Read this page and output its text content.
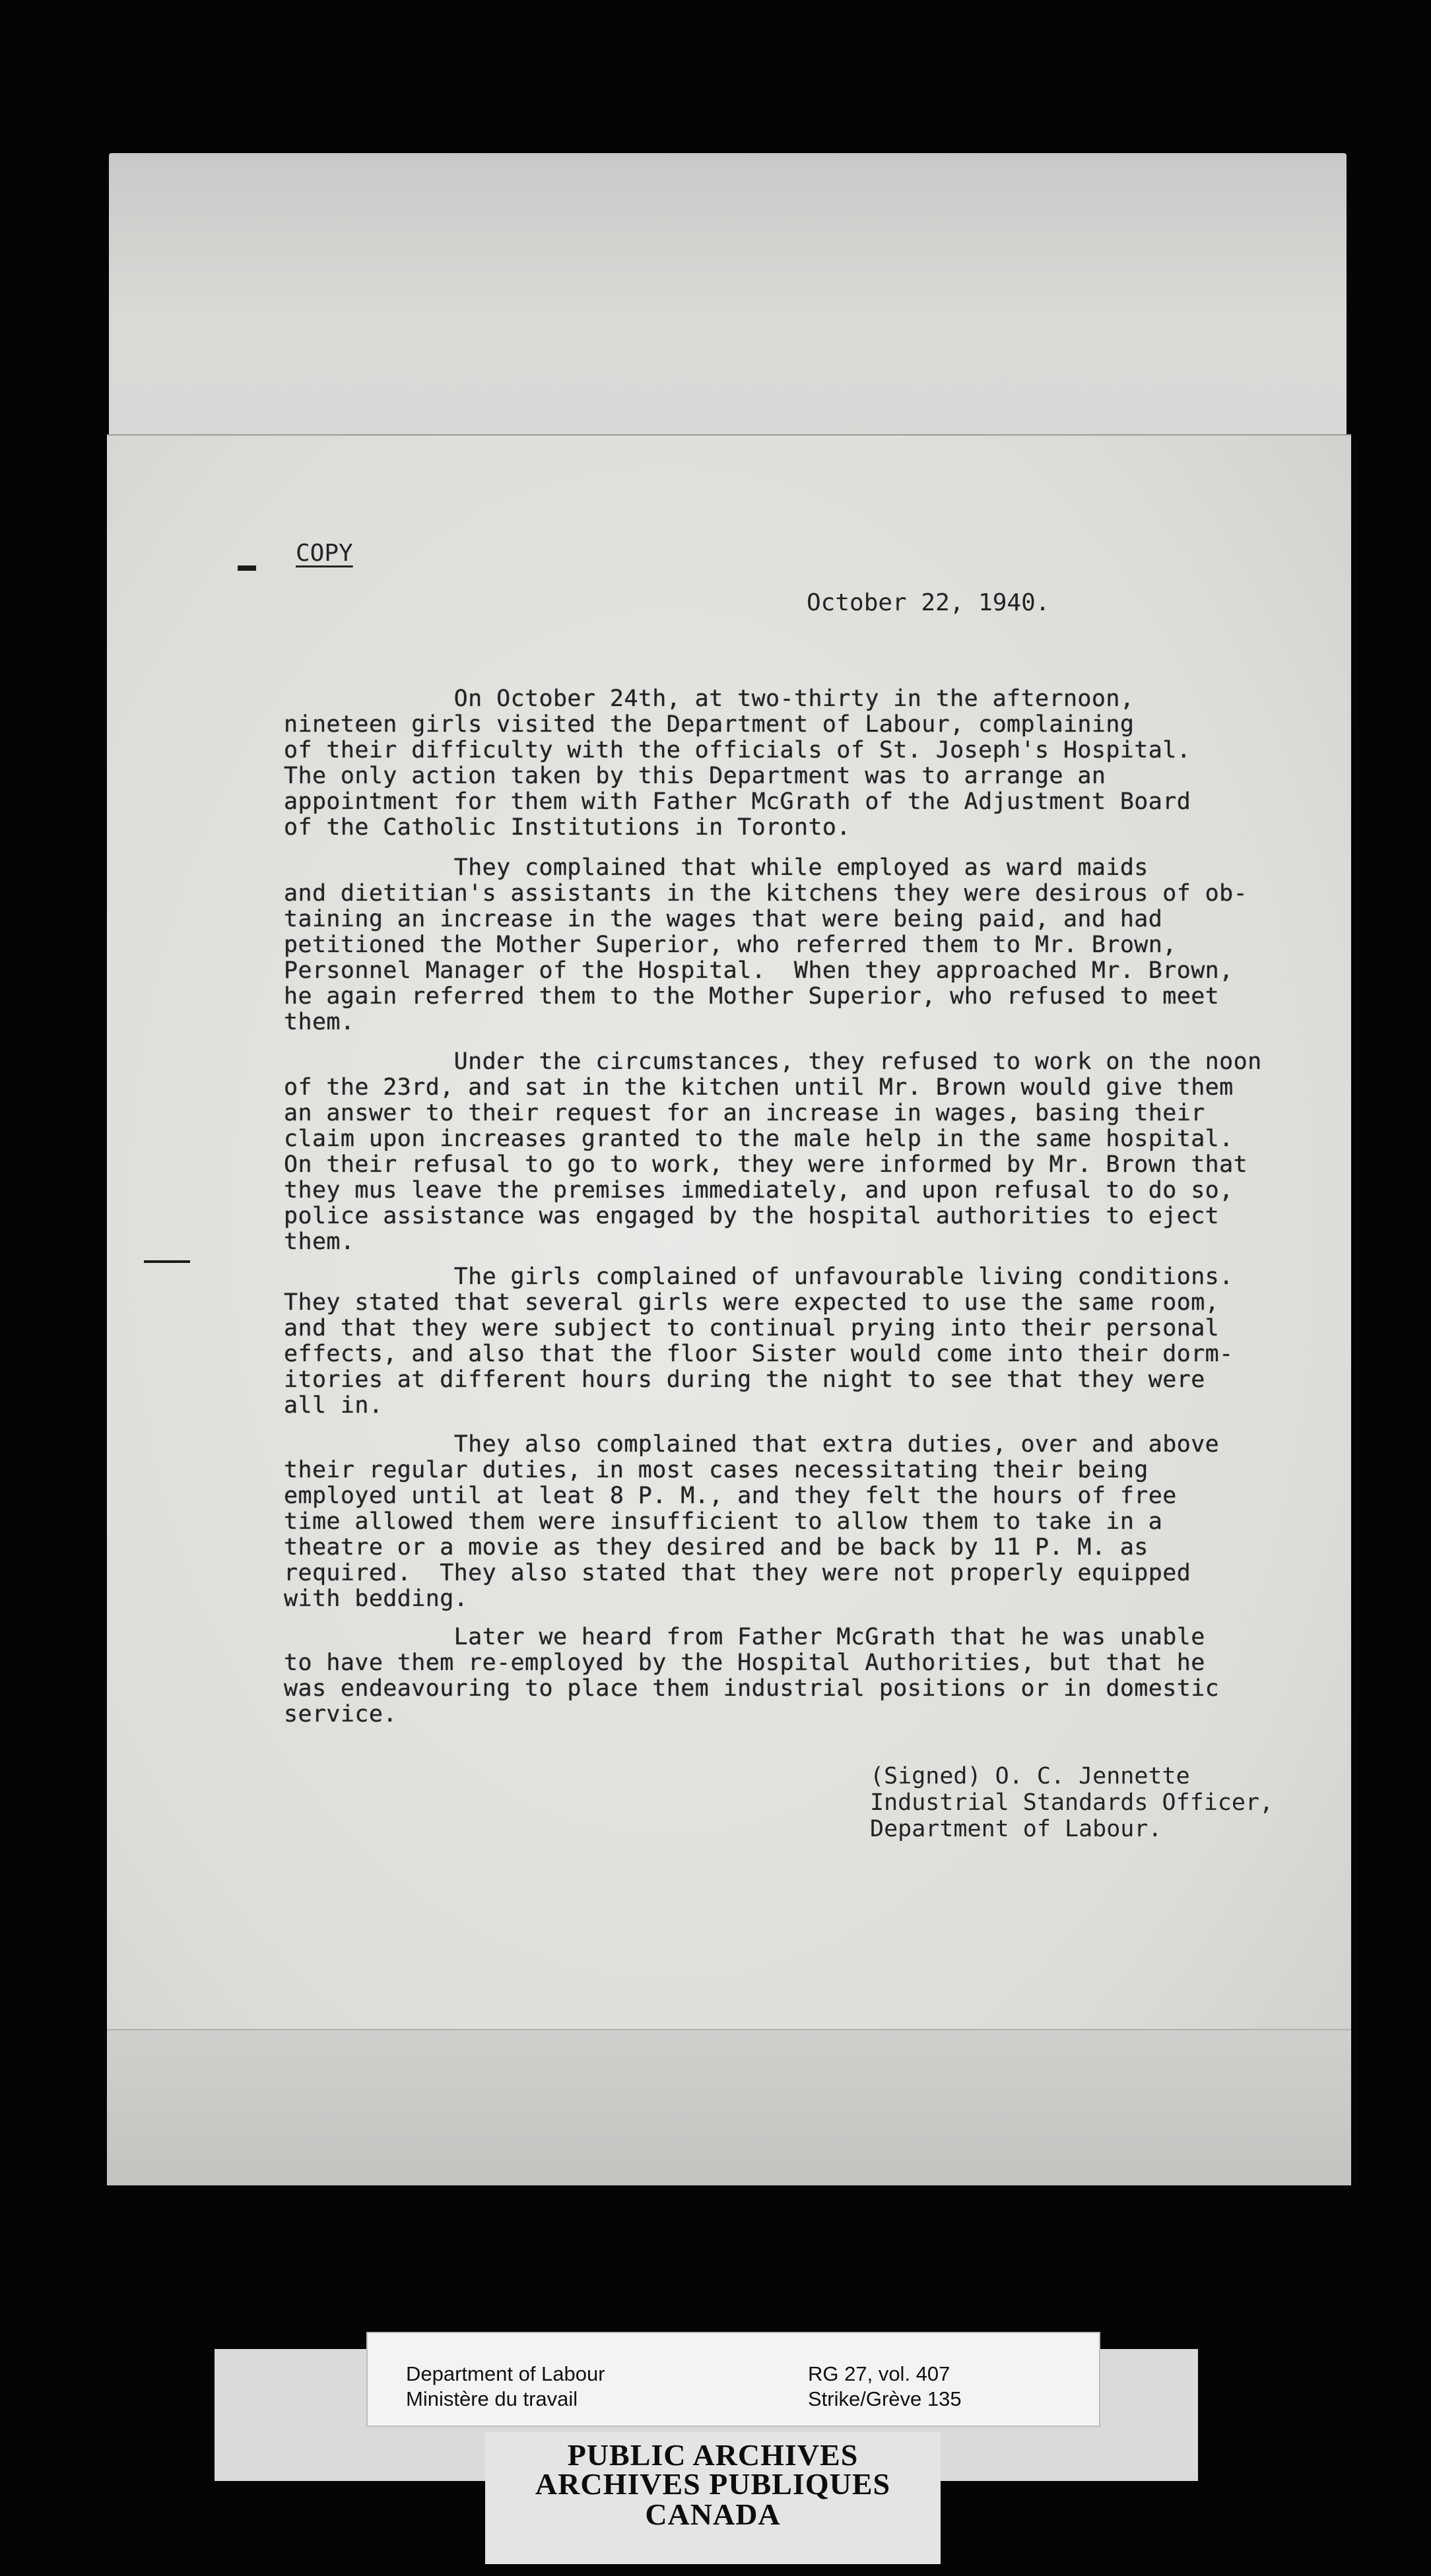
COPY
October 22, 1940.
On October 24th, at two-thirty in the afternoon,
nineteen girls visited the Department of Labour, complaining
of their difficulty with the officials of St. Joseph's Hospital.
The only action taken by this Department was to arrange an
appointment for them with Father McGrath of the Adjustment Board
of the Catholic Institutions in Toronto.
They complained that while employed as ward maids
and dietitian's assistants in the kitchens they were desirous of ob-
taining an increase in the wages that were being paid, and had
petitioned the Mother Superior, who referred them to Mr. Brown,
Personnel Manager of the Hospital.  When they approached Mr. Brown,
he again referred them to the Mother Superior, who refused to meet
them.
Under the circumstances, they refused to work on the noon
of the 23rd, and sat in the kitchen until Mr. Brown would give them
an answer to their request for an increase in wages, basing their
claim upon increases granted to the male help in the same hospital.
On their refusal to go to work, they were informed by Mr. Brown that
they mus leave the premises immediately, and upon refusal to do so,
police assistance was engaged by the hospital authorities to eject
them.
The girls complained of unfavourable living conditions.
They stated that several girls were expected to use the same room,
and that they were subject to continual prying into their personal
effects, and also that the floor Sister would come into their dorm-
itories at different hours during the night to see that they were
all in.
They also complained that extra duties, over and above
their regular duties, in most cases necessitating their being
employed until at leat 8 P. M., and they felt the hours of free
time allowed them were insufficient to allow them to take in a
theatre or a movie as they desired and be back by 11 P. M. as
required.  They also stated that they were not properly equipped
with bedding.
Later we heard from Father McGrath that he was unable
to have them re-employed by the Hospital Authorities, but that he
was endeavouring to place them industrial positions or in domestic
service.
(Signed) O. C. Jennette
Industrial Standards Officer,
Department of Labour.
Department of Labour
Ministère du travail
RG 27, vol. 407
Strike/Grève 135
PUBLIC ARCHIVES
ARCHIVES PUBLIQUES
CANADA
